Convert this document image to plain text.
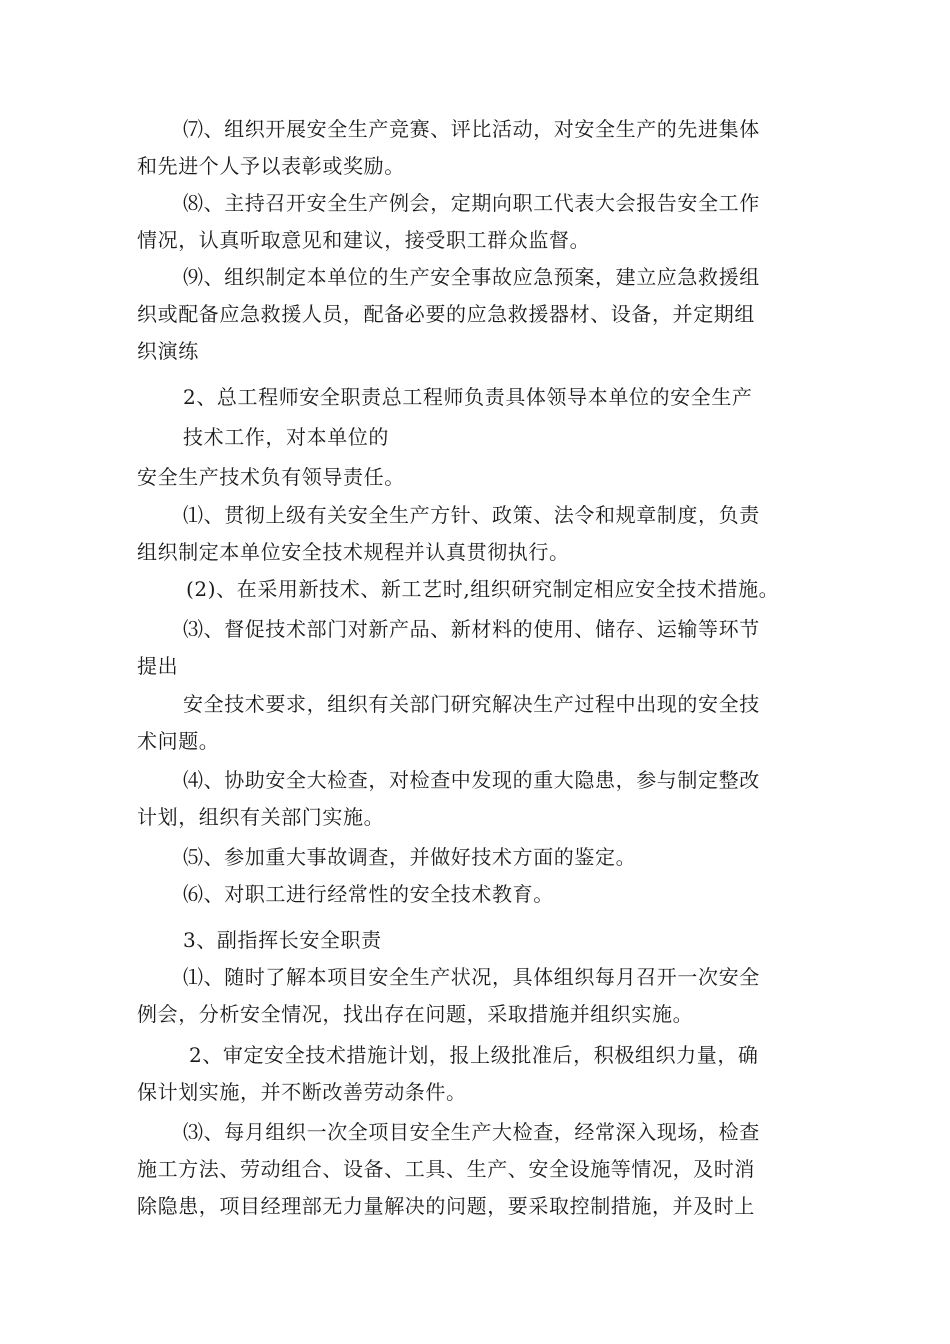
⑺、组织开展安全生产竞赛、评比活动，对安全生产的先进集体
和先进个人予以表彰或奖励。
⑻、主持召开安全生产例会，定期向职工代表大会报告安全工作
情况，认真听取意见和建议，接受职工群众监督。
⑼、组织制定本单位的生产安全事故应急预案，建立应急救援组
织或配备应急救援人员，配备必要的应急救援器材、设备，并定期组
织演练
2、总工程师安全职责总工程师负责具体领导本单位的安全生产
技术工作，对本单位的
安全生产技术负有领导责任。
⑴、贯彻上级有关安全生产方针、政策、法令和规章制度，负责
组织制定本单位安全技术规程并认真贯彻执行。
(2)、在采用新技术、新工艺时,组织研究制定相应安全技术措施。
⑶、督促技术部门对新产品、新材料的使用、储存、运输等环节
提出
安全技术要求，组织有关部门研究解决生产过程中出现的安全技
术问题。
⑷、协助安全大检查，对检查中发现的重大隐患，参与制定整改
计划，组织有关部门实施。
⑸、参加重大事故调查，并做好技术方面的鉴定。
⑹、对职工进行经常性的安全技术教育。
3、副指挥长安全职责
⑴、随时了解本项目安全生产状况，具体组织每月召开一次安全
例会，分析安全情况，找出存在问题，采取措施并组织实施。
2、审定安全技术措施计划，报上级批准后，积极组织力量，确
保计划实施，并不断改善劳动条件。
⑶、每月组织一次全项目安全生产大检查，经常深入现场，检查
施工方法、劳动组合、设备、工具、生产、安全设施等情况，及时消
除隐患，项目经理部无力量解决的问题，要采取控制措施，并及时上
